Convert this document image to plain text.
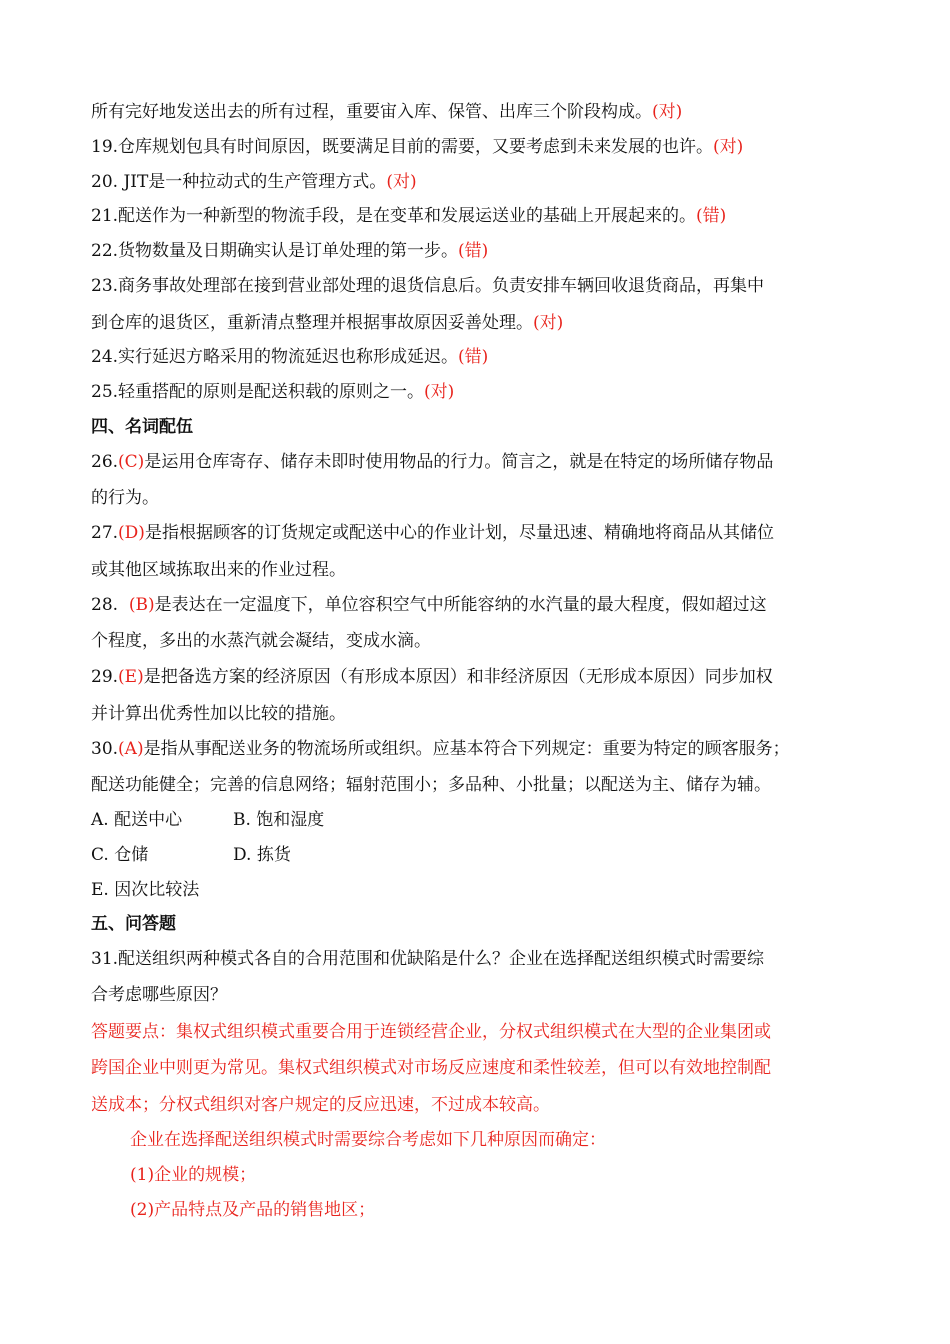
所有完好地发送出去的所有过程，重要宙入库、保管、出库三个阶段构成。(对)
19.仓库规划包具有时间原因，既要满足目前的需要，又要考虑到未来发展的也许。(对)
20. JIT是一种拉动式的生产管理方式。(对)
21.配送作为一种新型的物流手段，是在变革和发展运送业的基础上开展起来的。(错)
22.货物数量及日期确实认是订单处理的第一步。(错)
23.商务事故处理部在接到营业部处理的退货信息后。负责安排车辆回收退货商品，再集中
到仓库的退货区，重新清点整理并根据事故原因妥善处理。(对)
24.实行延迟方略采用的物流延迟也称形成延迟。(错)
25.轻重搭配的原则是配送积载的原则之一。(对)
四、名词配伍
26.(C)是运用仓库寄存、储存未即时使用物品的行力。简言之，就是在特定的场所储存物品
的行为。
27.(D)是指根据顾客的订货规定或配送中心的作业计划，尽量迅速、精确地将商品从其储位
或其他区域拣取出来的作业过程。
28.  (B)是表达在一定温度下，单位容积空气中所能容纳的水汽量的最大程度，假如超过这
个程度，多出的水蒸汽就会凝结，变成水滴。
29.(E)是把备选方案的经济原因（有形成本原因）和非经济原因（无形成本原因）同步加权
并计算出优秀性加以比较的措施。
30.(A)是指从事配送业务的物流场所或组织。应基本符合下列规定：重要为特定的顾客服务；
配送功能健全；完善的信息网络；辐射范围小；多品种、小批量；以配送为主、储存为辅。
A. 配送中心	B. 饱和湿度
C. 仓储	D. 拣货
E. 因次比较法
五、问答题
31.配送组织两种模式各自的合用范围和优缺陷是什么？企业在选择配送组织模式时需要综
合考虑哪些原因？
答题要点：集权式组织模式重要合用于连锁经营企业，分权式组织模式在大型的企业集团或
跨国企业中则更为常见。集权式组织模式对市场反应速度和柔性较差，但可以有效地控制配
送成本；分权式组织对客户规定的反应迅速，不过成本较高。
企业在选择配送组织模式时需要综合考虑如下几种原因而确定：
(1)企业的规模；
(2)产品特点及产品的销售地区；
